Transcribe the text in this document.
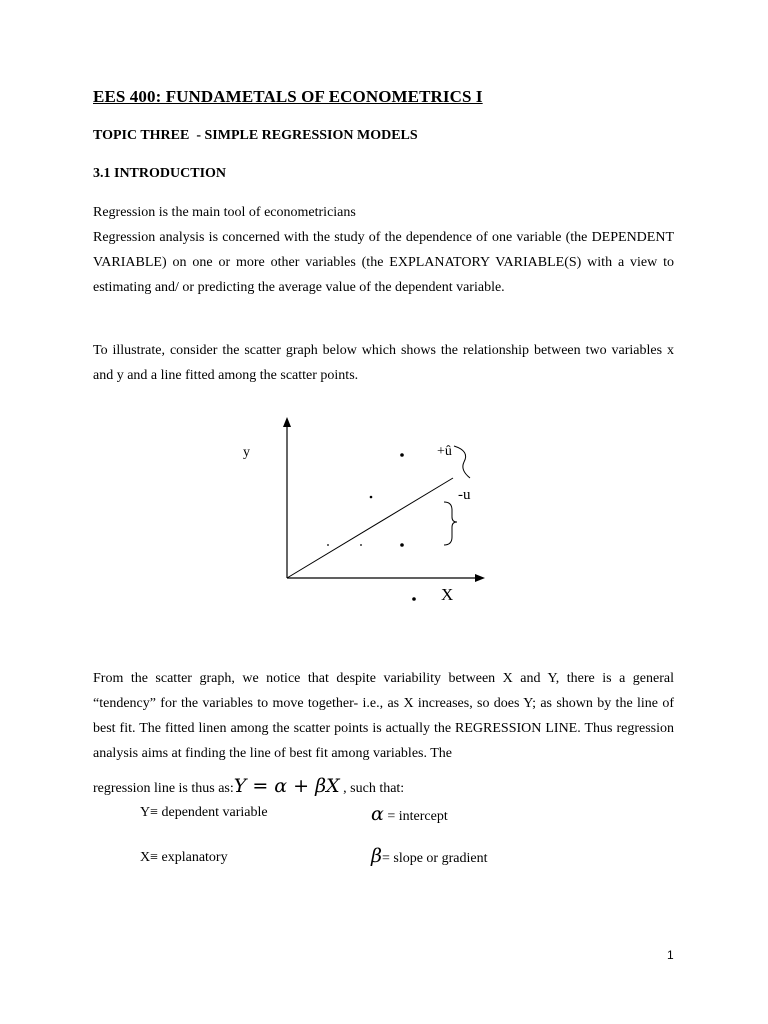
EES 400: FUNDAMETALS OF ECONOMETRICS I
TOPIC THREE  - SIMPLE REGRESSION MODELS
3.1 INTRODUCTION
Regression is the main tool of econometricians
Regression analysis is concerned with the study of the dependence of one variable (the DEPENDENT VARIABLE) on one or more other variables (the EXPLANATORY VARIABLE(S) with a view to estimating and/ or predicting the average value of the dependent variable.
To illustrate, consider the scatter graph below which shows the relationship between two variables x and y and a line fitted among the scatter points.
y
X
+û
-u
From the scatter graph, we notice that despite variability between X and Y, there is a general “tendency” for the variables to move together- i.e., as X increases, so does Y; as shown by the line of best fit. The fitted linen among the scatter points is actually the REGRESSION LINE. Thus regression analysis aims at finding the line of best fit among variables. The
regression line is thus as:Y = α + βX , such that:
Y≡ dependent variable	α = intercept
X≡ explanatory	β= slope or gradient
1
